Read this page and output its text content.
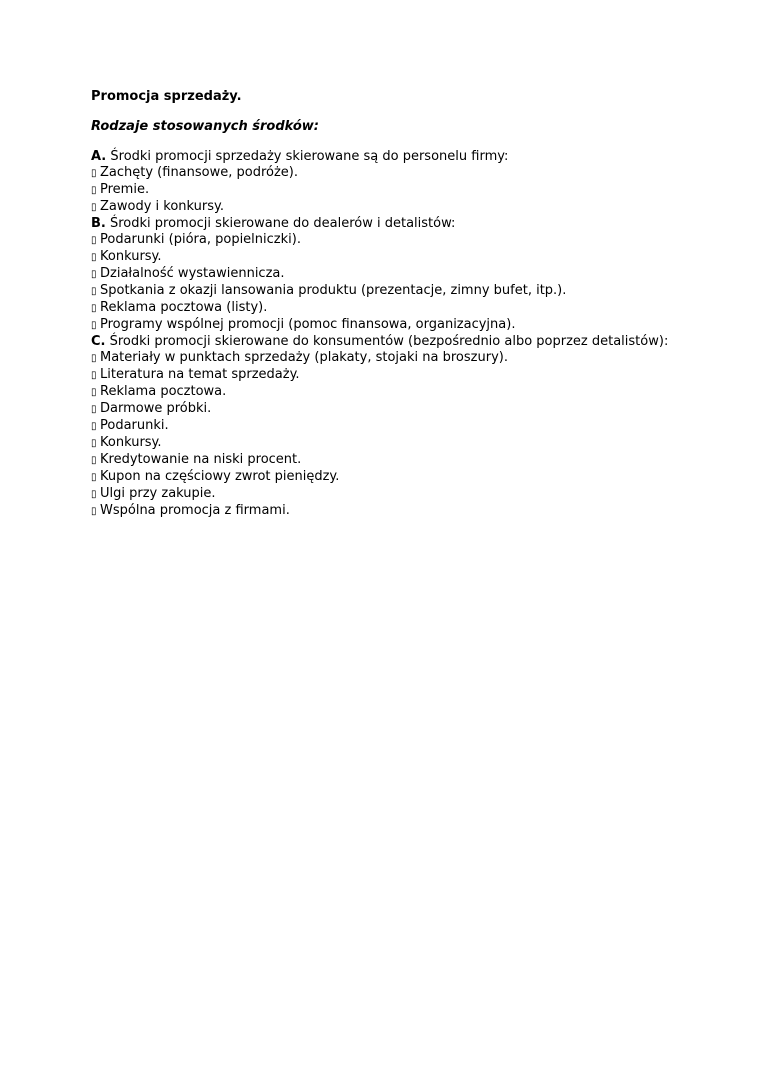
Promocja sprzedaży.

Rodzaje stosowanych środków:

A. Środki promocji sprzedaży skierowane są do personelu firmy:
▯ Zachęty (finansowe, podróże).
▯ Premie.
▯ Zawody i konkursy.
B. Środki promocji skierowane do dealerów i detalistów:
▯ Podarunki (pióra, popielniczki).
▯ Konkursy.
▯ Działalność wystawiennicza.
▯ Spotkania z okazji lansowania produktu (prezentacje, zimny bufet, itp.).
▯ Reklama pocztowa (listy).
▯ Programy wspólnej promocji (pomoc finansowa, organizacyjna).
C. Środki promocji skierowane do konsumentów (bezpośrednio albo poprzez detalistów):
▯ Materiały w punktach sprzedaży (plakaty, stojaki na broszury).
▯ Literatura na temat sprzedaży.
▯ Reklama pocztowa.
▯ Darmowe próbki.
▯ Podarunki.
▯ Konkursy.
▯ Kredytowanie na niski procent.
▯ Kupon na częściowy zwrot pieniędzy.
▯ Ulgi przy zakupie.
▯ Wspólna promocja z firmami.
